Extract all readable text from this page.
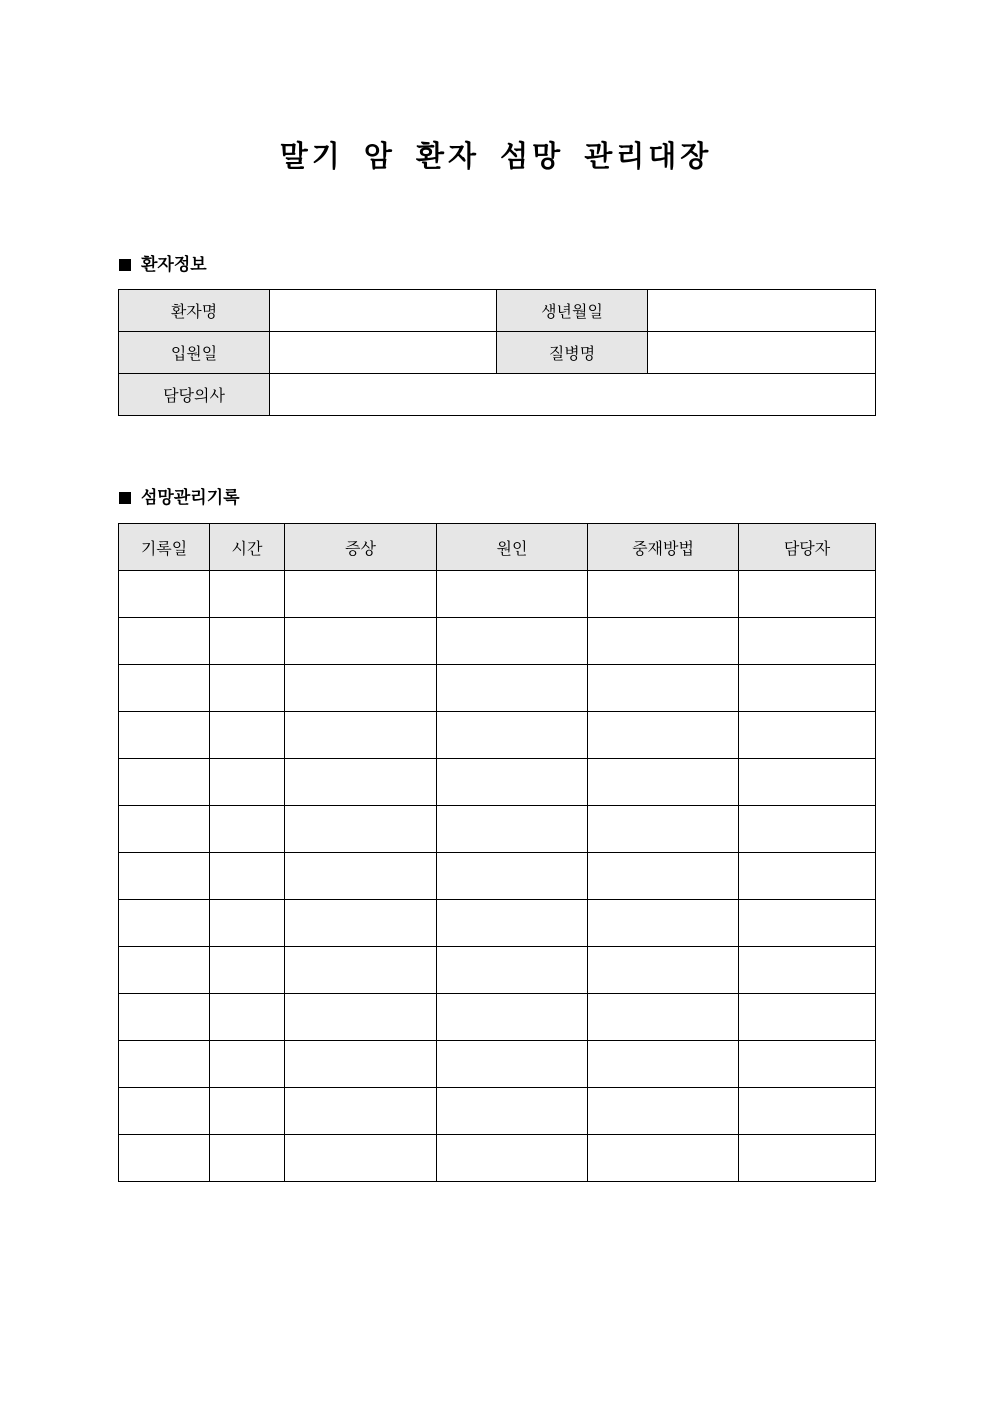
말기 암 환자 섬망 관리대장
환자정보
환자명		생년월일	
입원일		질병명	
담당의사			
섬망관리기록
기록일	시간	증상	원인	중재방법	담당자
